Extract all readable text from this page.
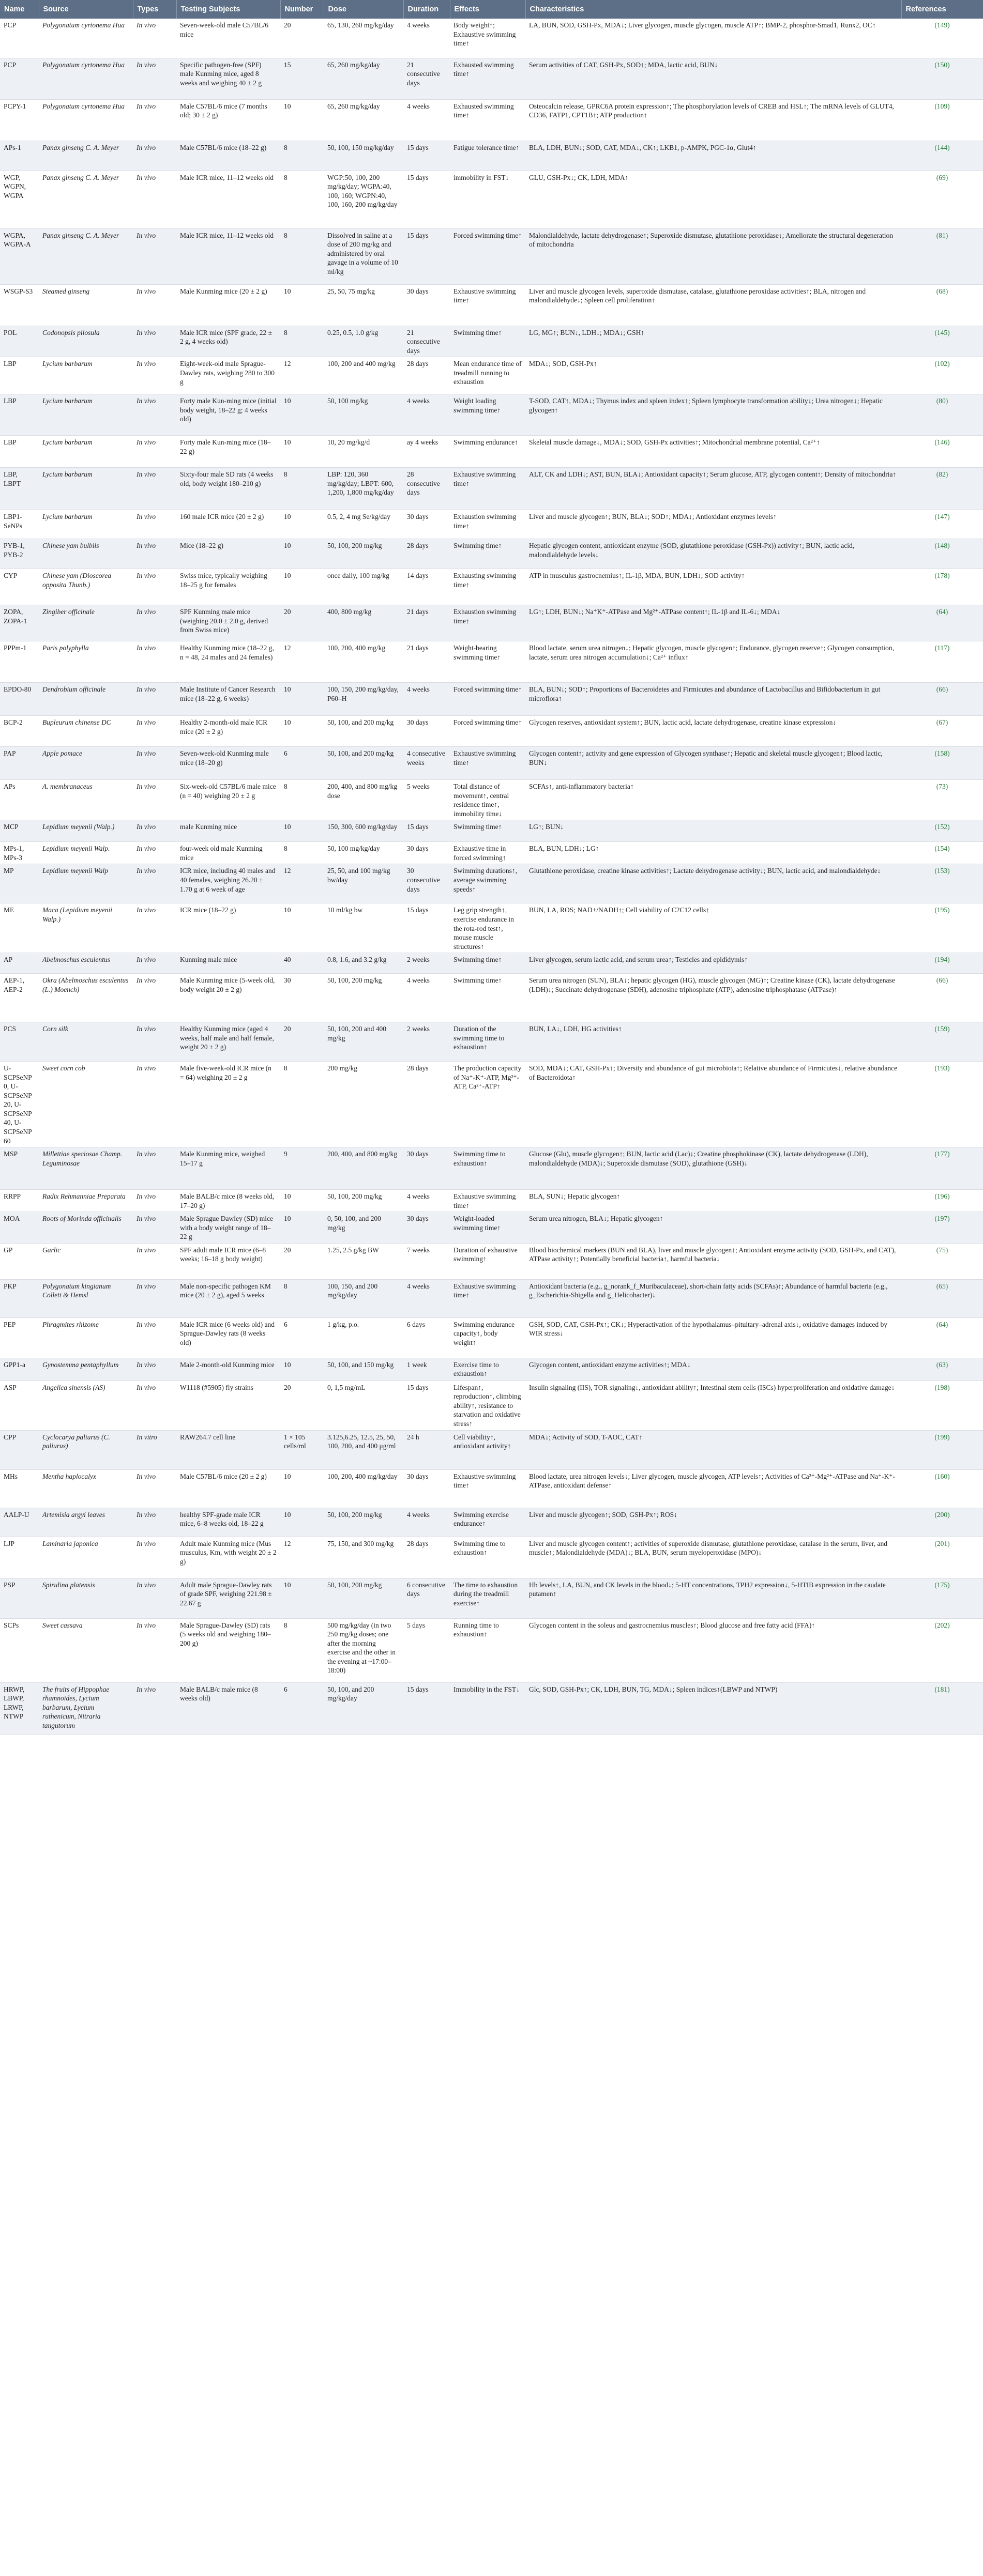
Name	Source	Types	Testing Subjects	Number	Dose	Duration	Effects	Characteristics	References
PCP	Polygonatum cyrtonema Hua	In vivo	Seven-week-old male C57BL/6 mice	20	65, 130, 260 mg/kg/day	4 weeks	Body weight↑; Exhaustive swimming time↑	LA, BUN, SOD, GSH-Px, MDA↓; Liver glycogen, muscle glycogen, muscle ATP↑; BMP-2, phosphor-Smad1, Runx2, OC↑	(149)
PCP	Polygonatum cyrtonema Hua	In vivo	Specific pathogen-free (SPF) male Kunming mice, aged 8 weeks and weighing 40 ± 2 g	15	65, 260 mg/kg/day	21 consecutive days	Exhausted swimming time↑	Serum activities of CAT, GSH-Px, SOD↑; MDA, lactic acid, BUN↓	(150)
PCPY-1	Polygonatum cyrtonema Hua	In vivo	Male C57BL/6 mice (7 months old; 30 ± 2 g)	10	65, 260 mg/kg/day	4 weeks	Exhausted swimming time↑	Osteocalcin release, GPRC6A protein expression↑; The phosphorylation levels of CREB and HSL↑; The mRNA levels of GLUT4, CD36, FATP1, CPT1B↑; ATP production↑	(109)
APs-1	Panax ginseng C. A. Meyer	In vivo	Male C57BL/6 mice (18–22 g)	8	50, 100, 150 mg/kg/day	15 days	Fatigue tolerance time↑	BLA, LDH, BUN↓; SOD, CAT, MDA↓, CK↑; LKB1, p-AMPK, PGC-1α, Glut4↑	(144)
WGP, WGPN, WGPA	Panax ginseng C. A. Meyer	In vivo	Male ICR mice, 11–12 weeks old	8	WGP:50, 100, 200 mg/kg/day; WGPA:40, 100, 160; WGPN:40, 100, 160, 200 mg/kg/day	15 days	immobility in FST↓	GLU, GSH-Px↓; CK, LDH, MDA↑	(69)
WGPA, WGPA-A	Panax ginseng C. A. Meyer	In vivo	Male ICR mice, 11–12 weeks old	8	Dissolved in saline at a dose of 200 mg/kg and administered by oral gavage in a volume of 10 ml/kg	15 days	Forced swimming time↑	Malondialdehyde, lactate dehydrogenase↑; Superoxide dismutase, glutathione peroxidase↓; Ameliorate the structural degeneration of mitochondria	(81)
WSGP-S3	Steamed ginseng	In vivo	Male Kunming mice (20 ± 2 g)	10	25, 50, 75 mg/kg	30 days	Exhaustive swimming time↑	Liver and muscle glycogen levels, superoxide dismutase, catalase, glutathione peroxidase activities↑; BLA, nitrogen and malondialdehyde↓; Spleen cell proliferation↑	(68)
POL	Codonopsis pilosula	In vivo	Male ICR mice (SPF grade, 22 ± 2 g, 4 weeks old)	8	0.25, 0.5, 1.0 g/kg	21 consecutive days	Swimming time↑	LG, MG↑; BUN↓, LDH↓; MDA↓; GSH↑	(145)
LBP	Lycium barbarum	In vivo	Eight-week-old male Sprague-Dawley rats, weighing 280 to 300 g	12	100, 200 and 400 mg/kg	28 days	Mean endurance time of treadmill running to exhaustion	MDA↓; SOD, GSH-Px↑	(102)
LBP	Lycium barbarum	In vivo	Forty male Kun-ming mice (initial body weight, 18–22 g; 4 weeks old)	10	50, 100 mg/kg	4 weeks	Weight loading swimming time↑	T-SOD, CAT↑, MDA↓; Thymus index and spleen index↑; Spleen lymphocyte transformation ability↓; Urea nitrogen↓; Hepatic glycogen↑	(80)
LBP	Lycium barbarum	In vivo	Forty male Kun-ming mice (18–22 g)	10	10, 20 mg/kg/d	ay 4 weeks	Swimming endurance↑	Skeletal muscle damage↓, MDA↓; SOD, GSH-Px activities↑; Mitochondrial membrane potential, Ca²⁺↑	(146)
LBP, LBPT	Lycium barbarum	In vivo	Sixty-four male SD rats (4 weeks old, body weight 180–210 g)	8	LBP: 120, 360 mg/kg/day; LBPT: 600, 1,200, 1,800 mg/kg/day	28 consecutive days	Exhaustive swimming time↑	ALT, CK and LDH↓; AST, BUN, BLA↓; Antioxidant capacity↑; Serum glucose, ATP, glycogen content↑; Density of mitochondria↑	(82)
LBP1-SeNPs	Lycium barbarum	In vivo	160 male ICR mice (20 ± 2 g)	10	0.5, 2, 4 mg Se/kg/day	30 days	Exhaustion swimming time↑	Liver and muscle glycogen↑; BUN, BLA↓; SOD↑; MDA↓; Antioxidant enzymes levels↑	(147)
PYB-1, PYB-2	Chinese yam bulbils	In vivo	Mice (18–22 g)	10	50, 100, 200 mg/kg	28 days	Swimming time↑	Hepatic glycogen content, antioxidant enzyme (SOD, glutathione peroxidase (GSH-Px)) activity↑; BUN, lactic acid, malondialdehyde levels↓	(148)
CYP	Chinese yam (Dioscorea opposita Thunb.)	In vivo	Swiss mice, typically weighing 18–25 g for females	10	once daily, 100 mg/kg	14 days	Exhausting swimming time↑	ATP in musculus gastrocnemius↑; IL-1β, MDA, BUN, LDH↓; SOD activity↑	(178)
ZOPA, ZOPA-1	Zingiber officinale	In vivo	SPF Kunming male mice (weighing 20.0 ± 2.0 g, derived from Swiss mice)	20	400, 800 mg/kg	21 days	Exhaustion swimming time↑	LG↑; LDH, BUN↓; Na⁺K⁺-ATPase and Mg²⁺-ATPase content↑; IL-1β and IL-6↓; MDA↓	(64)
PPPm-1	Paris polyphylla	In vivo	Healthy Kunming mice (18–22 g, n = 48, 24 males and 24 females)	12	100, 200, 400 mg/kg	21 days	Weight-bearing swimming time↑	Blood lactate, serum urea nitrogen↓; Hepatic glycogen, muscle glycogen↑; Endurance, glycogen reserve↑; Glycogen consumption, lactate, serum urea nitrogen accumulation↓; Ca²⁺ influx↑	(117)
EPDO-80	Dendrobium officinale	In vivo	Male Institute of Cancer Research mice (18–22 g, 6 weeks)	10	100, 150, 200 mg/kg/day, P60–H	4 weeks	Forced swimming time↑	BLA, BUN↓; SOD↑; Proportions of Bacteroidetes and Firmicutes and abundance of Lactobacillus and Bifidobacterium in gut microflora↑	(66)
BCP-2	Bupleurum chinense DC	In vivo	Healthy 2-month-old male ICR mice (20 ± 2 g)	10	50, 100, and 200 mg/kg	30 days	Forced swimming time↑	Glycogen reserves, antioxidant system↑; BUN, lactic acid, lactate dehydrogenase, creatine kinase expression↓	(67)
PAP	Apple pomace	In vivo	Seven-week-old Kunming male mice (18–20 g)	6	50, 100, and 200 mg/kg	4 consecutive weeks	Exhaustive swimming time↑	Glycogen content↑; activity and gene expression of Glycogen synthase↑; Hepatic and skeletal muscle glycogen↑; Blood lactic, BUN↓	(158)
APs	A. membranaceus	In vivo	Six-week-old C57BL/6 male mice (n = 40) weighing 20 ± 2 g	8	200, 400, and 800 mg/kg dose	5 weeks	Total distance of movement↑, central residence time↑, immobility time↓	SCFAs↑, anti-inflammatory bacteria↑	(73)
MCP	Lepidium meyenii (Walp.)	In vivo	male Kunming mice	10	150, 300, 600 mg/kg/day	15 days	Swimming time↑	LG↑; BUN↓	(152)
MPs-1, MPs-3	Lepidium meyenii Walp.	In vivo	four-week old male Kunming mice	8	50, 100 mg/kg/day	30 days	Exhaustive time in forced swimming↑	BLA, BUN, LDH↓; LG↑	(154)
MP	Lepidium meyenii Walp	In vivo	ICR mice, including 40 males and 40 females, weighing 26.20 ± 1.70 g at 6 week of age	12	25, 50, and 100 mg/kg bw/day	30 consecutive days	Swimming durations↑, average swimming speeds↑	Glutathione peroxidase, creatine kinase activities↑; Lactate dehydrogenase activity↓; BUN, lactic acid, and malondialdehyde↓	(153)
ME	Maca (Lepidium meyenii Walp.)	In vivo	ICR mice (18–22 g)	10	10 ml/kg bw	15 days	Leg grip strength↑, exercise endurance in the rota-rod test↑, mouse muscle structures↑	BUN, LA, ROS; NAD+/NADH↑; Cell viability of C2C12 cells↑	(195)
AP	Abelmoschus esculentus	In vivo	Kunming male mice	40	0.8, 1.6, and 3.2 g/kg	2 weeks	Swimming time↑	Liver glycogen, serum lactic acid, and serum urea↑; Testicles and epididymis↑	(194)
AEP-1, AEP-2	Okra (Abelmoschus esculentus (L.) Moench)	In vivo	Male Kunming mice (5-week old, body weight 20 ± 2 g)	30	50, 100, 200 mg/kg	4 weeks	Swimming time↑	Serum urea nitrogen (SUN), BLA↓; hepatic glycogen (HG), muscle glycogen (MG)↑; Creatine kinase (CK), lactate dehydrogenase (LDH)↓; Succinate dehydrogenase (SDH), adenosine triphosphate (ATP), adenosine triphosphatase (ATPase)↑	(66)
PCS	Corn silk	In vivo	Healthy Kunming mice (aged 4 weeks, half male and half female, weight 20 ± 2 g)	20	50, 100, 200 and 400 mg/kg	2 weeks	Duration of the swimming time to exhaustion↑	BUN, LA↓, LDH, HG activities↑	(159)
U-SCPSeNP 0, U-SCPSeNP 20, U-SCPSeNP 40, U-SCPSeNP 60	Sweet corn cob	In vivo	Male five-week-old ICR mice (n = 64) weighing 20 ± 2 g	8	200 mg/kg	28 days	The production capacity of Na⁺-K⁺-ATP, Mg²⁺-ATP, Ca²⁺-ATP↑	SOD, MDA↓; CAT, GSH-Px↑; Diversity and abundance of gut microbiota↑; Relative abundance of Firmicutes↓, relative abundance of Bacteroidota↑	(193)
MSP	Millettiae speciosae Champ. Leguminosae	In vivo	Male Kunming mice, weighed 15–17 g	9	200, 400, and 800 mg/kg	30 days	Swimming time to exhaustion↑	Glucose (Glu), muscle glycogen↑; BUN, lactic acid (Lac)↓; Creatine phosphokinase (CK), lactate dehydrogenase (LDH), malondialdehyde (MDA)↓; Superoxide dismutase (SOD), glutathione (GSH)↓	(177)
RRPP	Radix Rehmanniae Preparata	In vivo	Male BALB/c mice (8 weeks old, 17–20 g)	10	50, 100, 200 mg/kg	4 weeks	Exhaustive swimming time↑	BLA, SUN↓; Hepatic glycogen↑	(196)
MOA	Roots of Morinda officinalis	In vivo	Male Sprague Dawley (SD) mice with a body weight range of 18–22 g	10	0, 50, 100, and 200 mg/kg	30 days	Weight-loaded swimming time↑	Serum urea nitrogen, BLA↓; Hepatic glycogen↑	(197)
GP	Garlic	In vivo	SPF adult male ICR mice (6–8 weeks; 16–18 g body weight)	20	1.25, 2.5 g/kg BW	7 weeks	Duration of exhaustive swimming↑	Blood biochemical markers (BUN and BLA), liver and muscle glycogen↑; Antioxidant enzyme activity (SOD, GSH-Px, and CAT), ATPase activity↑; Potentially beneficial bacteria↑, harmful bacteria↓	(75)
PKP	Polygonatum kingianum Collett & Hemsl	In vivo	Male non-specific pathogen KM mice (20 ± 2 g), aged 5 weeks	8	100, 150, and 200 mg/kg/day	4 weeks	Exhaustive swimming time↑	Antioxidant bacteria (e.g., g_norank_f_Muribaculaceae), short-chain fatty acids (SCFAs)↑; Abundance of harmful bacteria (e.g., g_Escherichia-Shigella and g_Helicobacter)↓	(65)
PEP	Phragmites rhizome	In vivo	Male ICR mice (6 weeks old) and Sprague-Dawley rats (8 weeks old)	6	1 g/kg, p.o.	6 days	Swimming endurance capacity↑, body weight↑	GSH, SOD, CAT, GSH-Px↑; CK↓; Hyperactivation of the hypothalamus–pituitary–adrenal axis↓, oxidative damages induced by WIR stress↓	(64)
GPP1-a	Gynostemma pentaphyllum	In vivo	Male 2-month-old Kunming mice	10	50, 100, and 150 mg/kg	1 week	Exercise time to exhaustion↑	Glycogen content, antioxidant enzyme activities↑; MDA↓	(63)
ASP	Angelica sinensis (AS)	In vivo	W1118 (#5905) fly strains	20	0, 1,5 mg/mL	15 days	Lifespan↑, reproduction↑, climbing ability↑, resistance to starvation and oxidative stress↑	Insulin signaling (IIS), TOR signaling↓, antioxidant ability↑; Intestinal stem cells (ISCs) hyperproliferation and oxidative damage↓	(198)
CPP	Cyclocarya paliurus (C. paliurus)	In vitro	RAW264.7 cell line	1 × 105 cells/ml	3.125,6.25, 12.5, 25, 50, 100, 200, and 400 μg/ml	24 h	Cell viability↑, antioxidant activity↑	MDA↓; Activity of SOD, T-AOC, CAT↑	(199)
MHs	Mentha haplocalyx	In vivo	Male C57BL/6 mice (20 ± 2 g)	10	100, 200, 400 mg/kg/day	30 days	Exhaustive swimming time↑	Blood lactate, urea nitrogen levels↓; Liver glycogen, muscle glycogen, ATP levels↑; Activities of Ca²⁺-Mg²⁺-ATPase and Na⁺-K⁺-ATPase, antioxidant defense↑	(160)
AALP-U	Artemisia argyi leaves	In vivo	healthy SPF-grade male ICR mice, 6–8 weeks old, 18–22 g	10	50, 100, 200 mg/kg	4 weeks	Swimming exercise endurance↑	Liver and muscle glycogen↑; SOD, GSH-Px↑; ROS↓	(200)
LJP	Laminaria japonica	In vivo	Adult male Kunming mice (Mus musculus, Km, with weight 20 ± 2 g)	12	75, 150, and 300 mg/kg	28 days	Swimming time to exhaustion↑	Liver and muscle glycogen content↑; activities of superoxide dismutase, glutathione peroxidase, catalase in the serum, liver, and muscle↑; Malondialdehyde (MDA)↓; BLA, BUN, serum myeloperoxidase (MPO)↓	(201)
PSP	Spirulina platensis	In vivo	Adult male Sprague-Dawley rats of grade SPF, weighing 221.98 ± 22.67 g	10	50, 100, 200 mg/kg	6 consecutive days	The time to exhaustion during the treadmill exercise↑	Hb levels↑, LA, BUN, and CK levels in the blood↓; 5-HT concentrations, TPH2 expression↓, 5-HTIB expression in the caudate putamen↑	(175)
SCPs	Sweet cassava	In vivo	Male Sprague-Dawley (SD) rats (5 weeks old and weighing 180–200 g)	8	500 mg/kg/day (in two 250 mg/kg doses; one after the morning exercise and the other in the evening at ~17:00–18:00)	5 days	Running time to exhaustion↑	Glycogen content in the soleus and gastrocnemius muscles↑; Blood glucose and free fatty acid (FFA)↑	(202)
HRWP, LBWP, LRWP, NTWP	The fruits of Hippophae rhamnoides, Lycium barbarum, Lycium ruthenicum, Nitraria tangutorum	In vivo	Male BALB/c male mice (8 weeks old)	6	50, 100, and 200 mg/kg/day	15 days	Immobility in the FST↓	Glc, SOD, GSH-Px↑; CK, LDH, BUN, TG, MDA↓; Spleen indices↑(LBWP and NTWP)	(181)
